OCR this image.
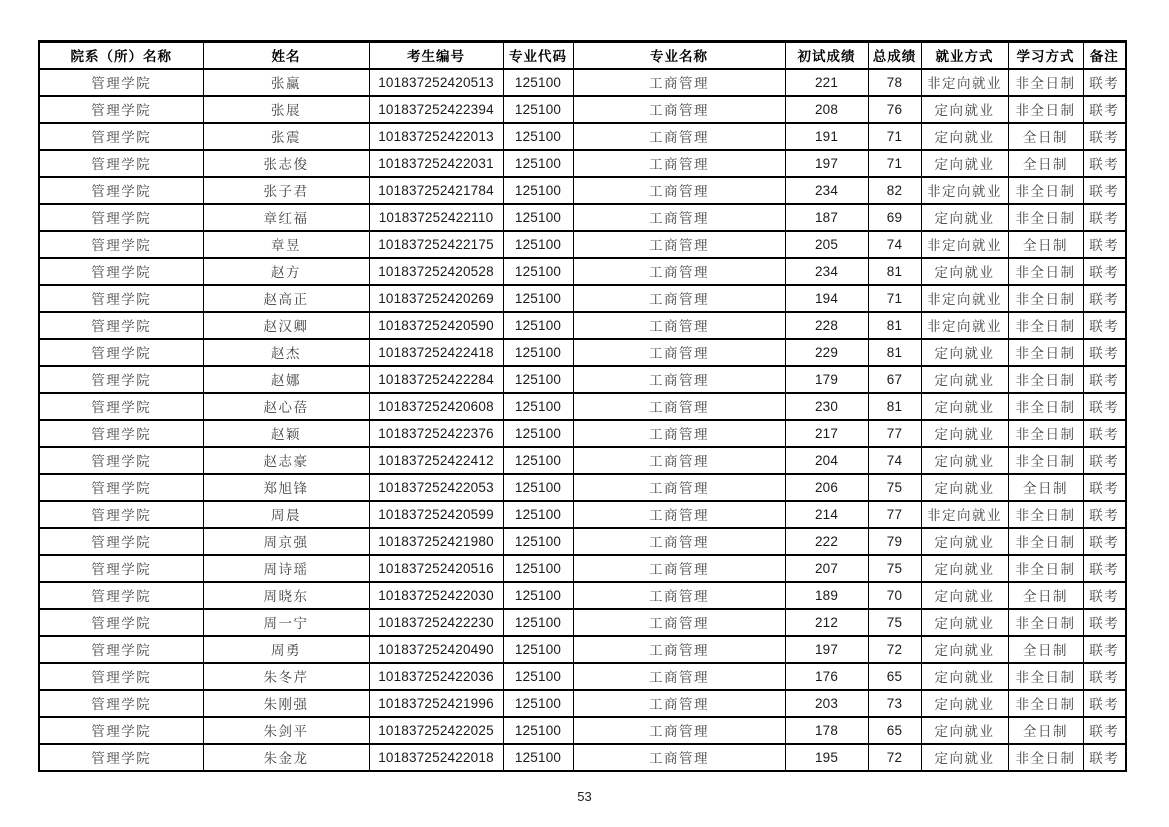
院系（所）名称	姓名	考生编号	专业代码	专业名称	初试成绩	总成绩	就业方式	学习方式	备注
管理学院	张赢	101837252420513	125100	工商管理	221	78	非定向就业	非全日制	联考
管理学院	张展	101837252422394	125100	工商管理	208	76	定向就业	非全日制	联考
管理学院	张震	101837252422013	125100	工商管理	191	71	定向就业	全日制	联考
管理学院	张志俊	101837252422031	125100	工商管理	197	71	定向就业	全日制	联考
管理学院	张子君	101837252421784	125100	工商管理	234	82	非定向就业	非全日制	联考
管理学院	章红福	101837252422110	125100	工商管理	187	69	定向就业	非全日制	联考
管理学院	章昱	101837252422175	125100	工商管理	205	74	非定向就业	全日制	联考
管理学院	赵方	101837252420528	125100	工商管理	234	81	定向就业	非全日制	联考
管理学院	赵高正	101837252420269	125100	工商管理	194	71	非定向就业	非全日制	联考
管理学院	赵汉卿	101837252420590	125100	工商管理	228	81	非定向就业	非全日制	联考
管理学院	赵杰	101837252422418	125100	工商管理	229	81	定向就业	非全日制	联考
管理学院	赵娜	101837252422284	125100	工商管理	179	67	定向就业	非全日制	联考
管理学院	赵心蓓	101837252420608	125100	工商管理	230	81	定向就业	非全日制	联考
管理学院	赵颖	101837252422376	125100	工商管理	217	77	定向就业	非全日制	联考
管理学院	赵志豪	101837252422412	125100	工商管理	204	74	定向就业	非全日制	联考
管理学院	郑旭锋	101837252422053	125100	工商管理	206	75	定向就业	全日制	联考
管理学院	周晨	101837252420599	125100	工商管理	214	77	非定向就业	非全日制	联考
管理学院	周京强	101837252421980	125100	工商管理	222	79	定向就业	非全日制	联考
管理学院	周诗瑶	101837252420516	125100	工商管理	207	75	定向就业	非全日制	联考
管理学院	周晓东	101837252422030	125100	工商管理	189	70	定向就业	全日制	联考
管理学院	周一宁	101837252422230	125100	工商管理	212	75	定向就业	非全日制	联考
管理学院	周勇	101837252420490	125100	工商管理	197	72	定向就业	全日制	联考
管理学院	朱冬芹	101837252422036	125100	工商管理	176	65	定向就业	非全日制	联考
管理学院	朱刚强	101837252421996	125100	工商管理	203	73	定向就业	非全日制	联考
管理学院	朱剑平	101837252422025	125100	工商管理	178	65	定向就业	全日制	联考
管理学院	朱金龙	101837252422018	125100	工商管理	195	72	定向就业	非全日制	联考
53
